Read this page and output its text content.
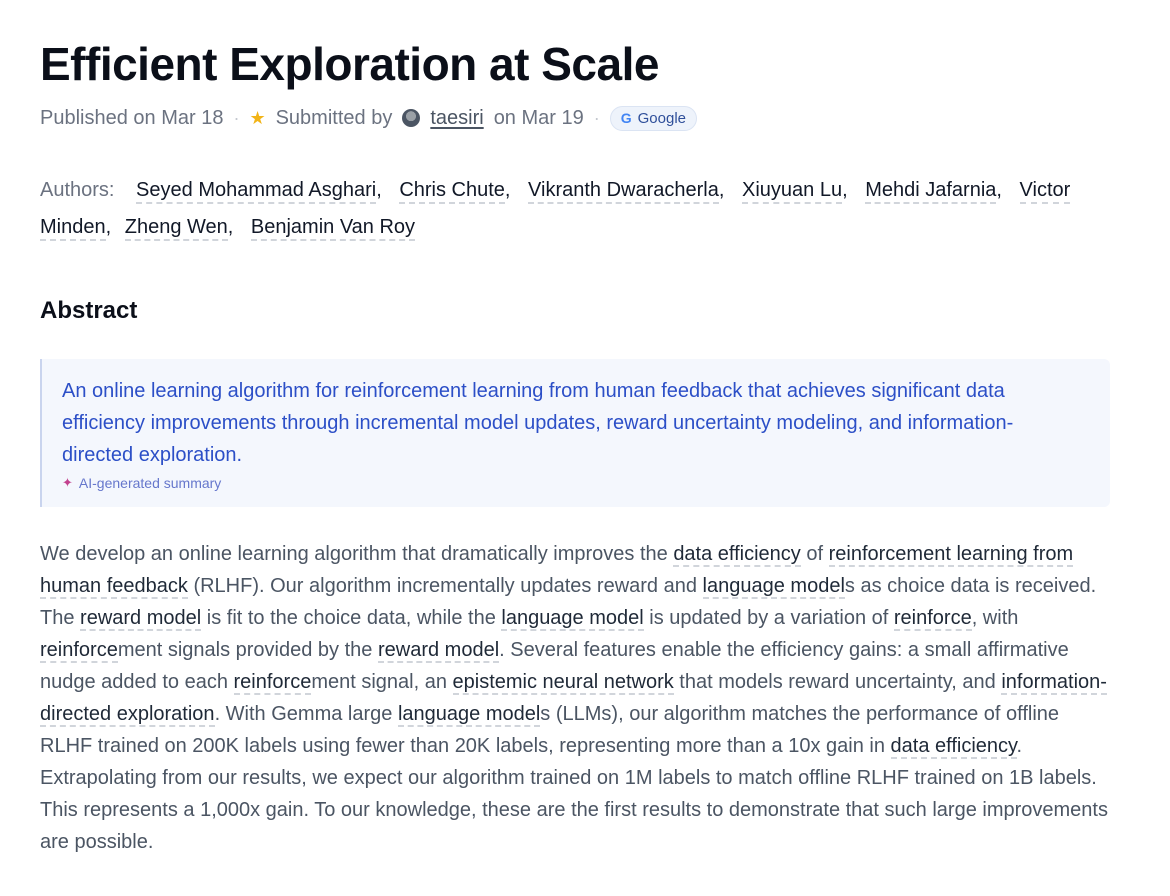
Efficient Exploration at Scale
Published on Mar 18 · ★ Submitted by taesiri on Mar 19 · G Google
Authors: Seyed Mohammad Asghari, Chris Chute, Vikranth Dwaracherla, Xiuyuan Lu, Mehdi Jafarnia, Victor Minden, Zheng Wen, Benjamin Van Roy
Abstract

An online learning algorithm for reinforcement learning from human feedback that achieves significant data efficiency improvements through incremental model updates, reward uncertainty modeling, and information-directed exploration.

✦ AI-generated summary

We develop an online learning algorithm that dramatically improves the data efficiency of reinforcement learning from human feedback (RLHF). Our algorithm incrementally updates reward and language models as choice data is received. The reward model is fit to the choice data, while the language model is updated by a variation of reinforce, with reinforcement signals provided by the reward model. Several features enable the efficiency gains: a small affirmative nudge added to each reinforcement signal, an epistemic neural network that models reward uncertainty, and information-directed exploration. With Gemma large language models (LLMs), our algorithm matches the performance of offline RLHF trained on 200K labels using fewer than 20K labels, representing more than a 10x gain in data efficiency. Extrapolating from our results, we expect our algorithm trained on 1M labels to match offline RLHF trained on 1B labels. This represents a 1,000x gain. To our knowledge, these are the first results to demonstrate that such large improvements are possible.
